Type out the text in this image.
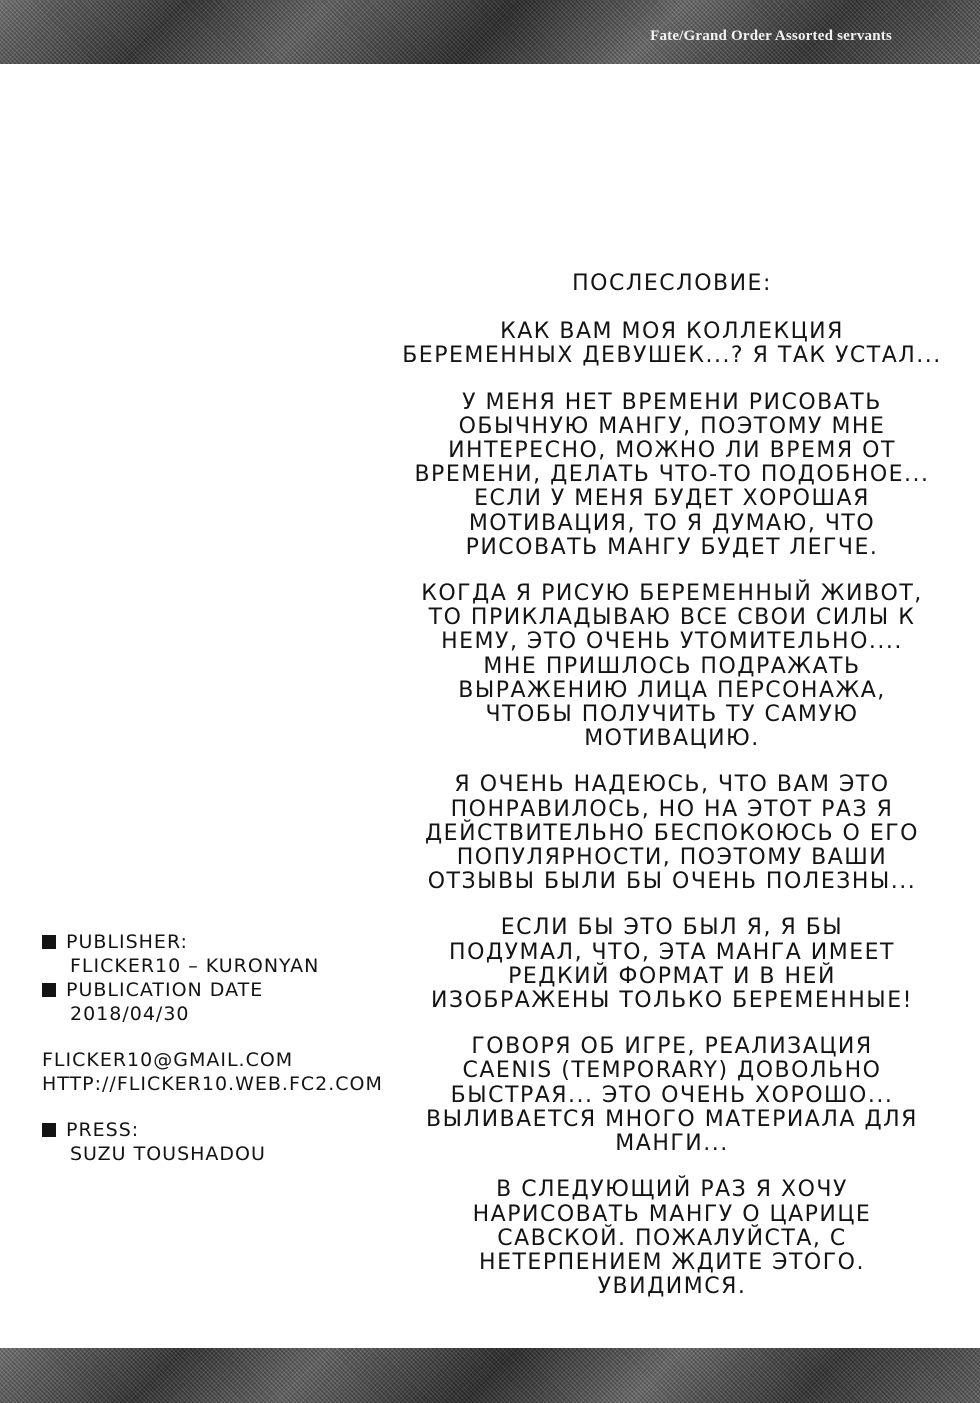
Fate/Grand Order Assorted servants

ПОСЛЕСЛОВИЕ:

КАК ВАМ МОЯ КОЛЛЕКЦИЯ
БЕРЕМЕННЫХ ДЕВУШЕК...? Я ТАК УСТАЛ...

У МЕНЯ НЕТ ВРЕМЕНИ РИСОВАТЬ
ОБЫЧНУЮ МАНГУ, ПОЭТОМУ МНЕ
ИНТЕРЕСНО, МОЖНО ЛИ ВРЕМЯ ОТ
ВРЕМЕНИ, ДЕЛАТЬ ЧТО-ТО ПОДОБНОЕ...
ЕСЛИ У МЕНЯ БУДЕТ ХОРОШАЯ
МОТИВАЦИЯ, ТО Я ДУМАЮ, ЧТО
РИСОВАТЬ МАНГУ БУДЕТ ЛЕГЧЕ.

КОГДА Я РИСУЮ БЕРЕМЕННЫЙ ЖИВОТ,
ТО ПРИКЛАДЫВАЮ ВСЕ СВОИ СИЛЫ К
НЕМУ, ЭТО ОЧЕНЬ УТОМИТЕЛЬНО....
МНЕ ПРИШЛОСЬ ПОДРАЖАТЬ
ВЫРАЖЕНИЮ ЛИЦА ПЕРСОНАЖА,
ЧТОБЫ ПОЛУЧИТЬ ТУ САМУЮ
МОТИВАЦИЮ.

Я ОЧЕНЬ НАДЕЮСЬ, ЧТО ВАМ ЭТО
ПОНРАВИЛОСЬ, НО НА ЭТОТ РАЗ Я
ДЕЙСТВИТЕЛЬНО БЕСПОКОЮСЬ О ЕГО
ПОПУЛЯРНОСТИ, ПОЭТОМУ ВАШИ
ОТЗЫВЫ БЫЛИ БЫ ОЧЕНЬ ПОЛЕЗНЫ...

ЕСЛИ БЫ ЭТО БЫЛ Я, Я БЫ
ПОДУМАЛ, ЧТО, ЭТА МАНГА ИМЕЕТ
РЕДКИЙ ФОРМАТ И В НЕЙ
ИЗОБРАЖЕНЫ ТОЛЬКО БЕРЕМЕННЫЕ!

ГОВОРЯ ОБ ИГРЕ, РЕАЛИЗАЦИЯ
CAENIS (TEMPORARY) ДОВОЛЬНО
БЫСТРАЯ... ЭТО ОЧЕНЬ ХОРОШО...
ВЫЛИВАЕТСЯ МНОГО МАТЕРИАЛА ДЛЯ
МАНГИ...

В СЛЕДУЮЩИЙ РАЗ Я ХОЧУ
НАРИСОВАТЬ МАНГУ О ЦАРИЦЕ
САВСКОЙ. ПОЖАЛУЙСТА, С
НЕТЕРПЕНИЕМ ЖДИТЕ ЭТОГО.
УВИДИМСЯ.

PUBLISHER:
FLICKER10 – KURONYAN
PUBLICATION DATE
2018/04/30
FLICKER10@GMAIL.COM
HTTP://FLICKER10.WEB.FC2.COM
PRESS:
SUZU TOUSHADOU
